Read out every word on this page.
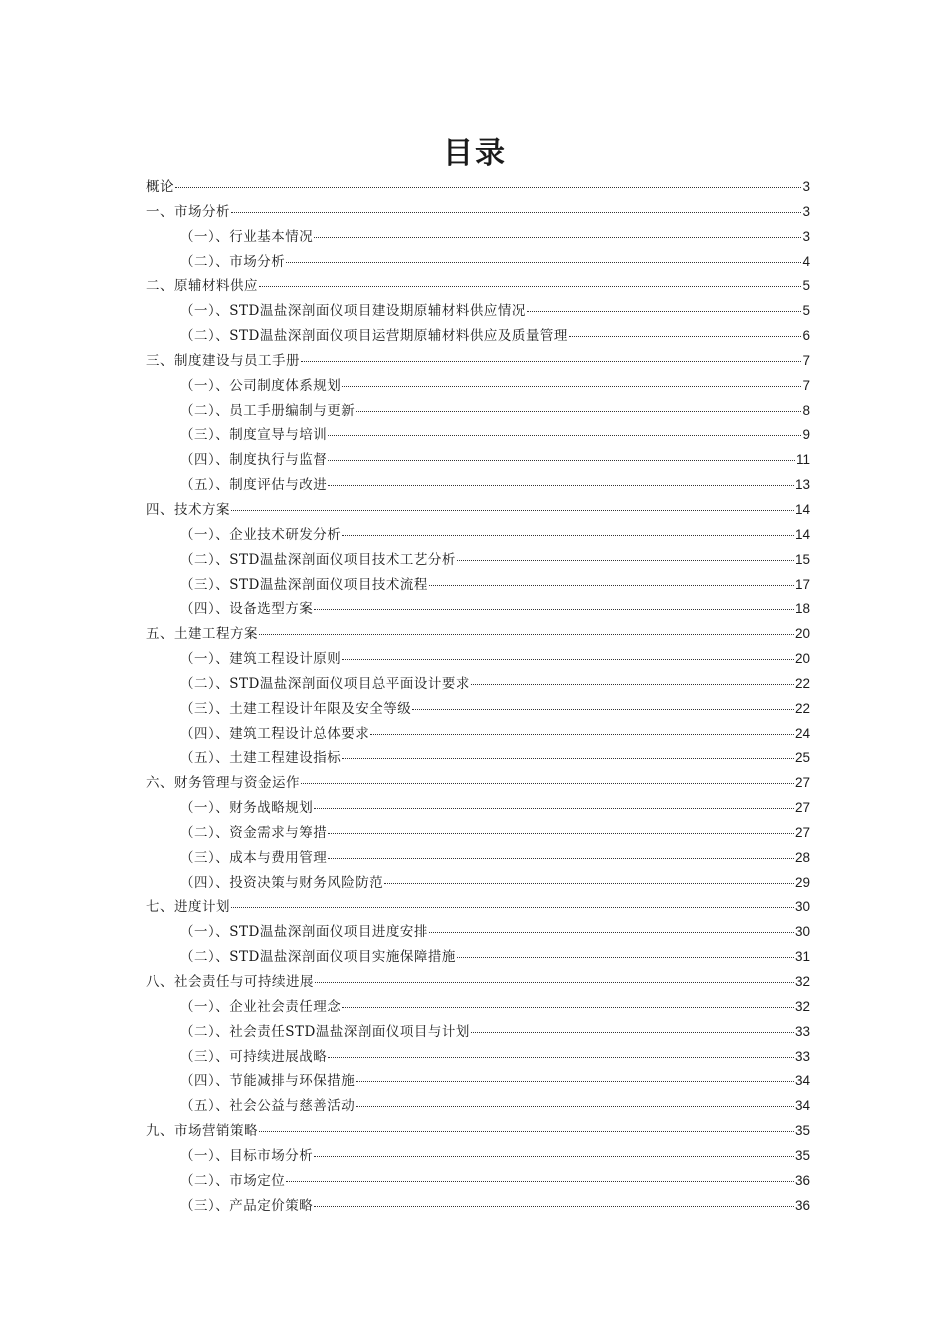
目录
概论	3
一、市场分析	3
（一）、行业基本情况	3
（二）、市场分析	4
二、原辅材料供应	5
（一）、STD温盐深剖面仪项目建设期原辅材料供应情况	5
（二）、STD温盐深剖面仪项目运营期原辅材料供应及质量管理	6
三、制度建设与员工手册	7
（一）、公司制度体系规划	7
（二）、员工手册编制与更新	8
（三）、制度宣导与培训	9
（四）、制度执行与监督	11
（五）、制度评估与改进	13
四、技术方案	14
（一）、企业技术研发分析	14
（二）、STD温盐深剖面仪项目技术工艺分析	15
（三）、STD温盐深剖面仪项目技术流程	17
（四）、设备选型方案	18
五、土建工程方案	20
（一）、建筑工程设计原则	20
（二）、STD温盐深剖面仪项目总平面设计要求	22
（三）、土建工程设计年限及安全等级	22
（四）、建筑工程设计总体要求	24
（五）、土建工程建设指标	25
六、财务管理与资金运作	27
（一）、财务战略规划	27
（二）、资金需求与筹措	27
（三）、成本与费用管理	28
（四）、投资决策与财务风险防范	29
七、进度计划	30
（一）、STD温盐深剖面仪项目进度安排	30
（二）、STD温盐深剖面仪项目实施保障措施	31
八、社会责任与可持续进展	32
（一）、企业社会责任理念	32
（二）、社会责任STD温盐深剖面仪项目与计划	33
（三）、可持续进展战略	33
（四）、节能减排与环保措施	34
（五）、社会公益与慈善活动	34
九、市场营销策略	35
（一）、目标市场分析	35
（二）、市场定位	36
（三）、产品定价策略	36
